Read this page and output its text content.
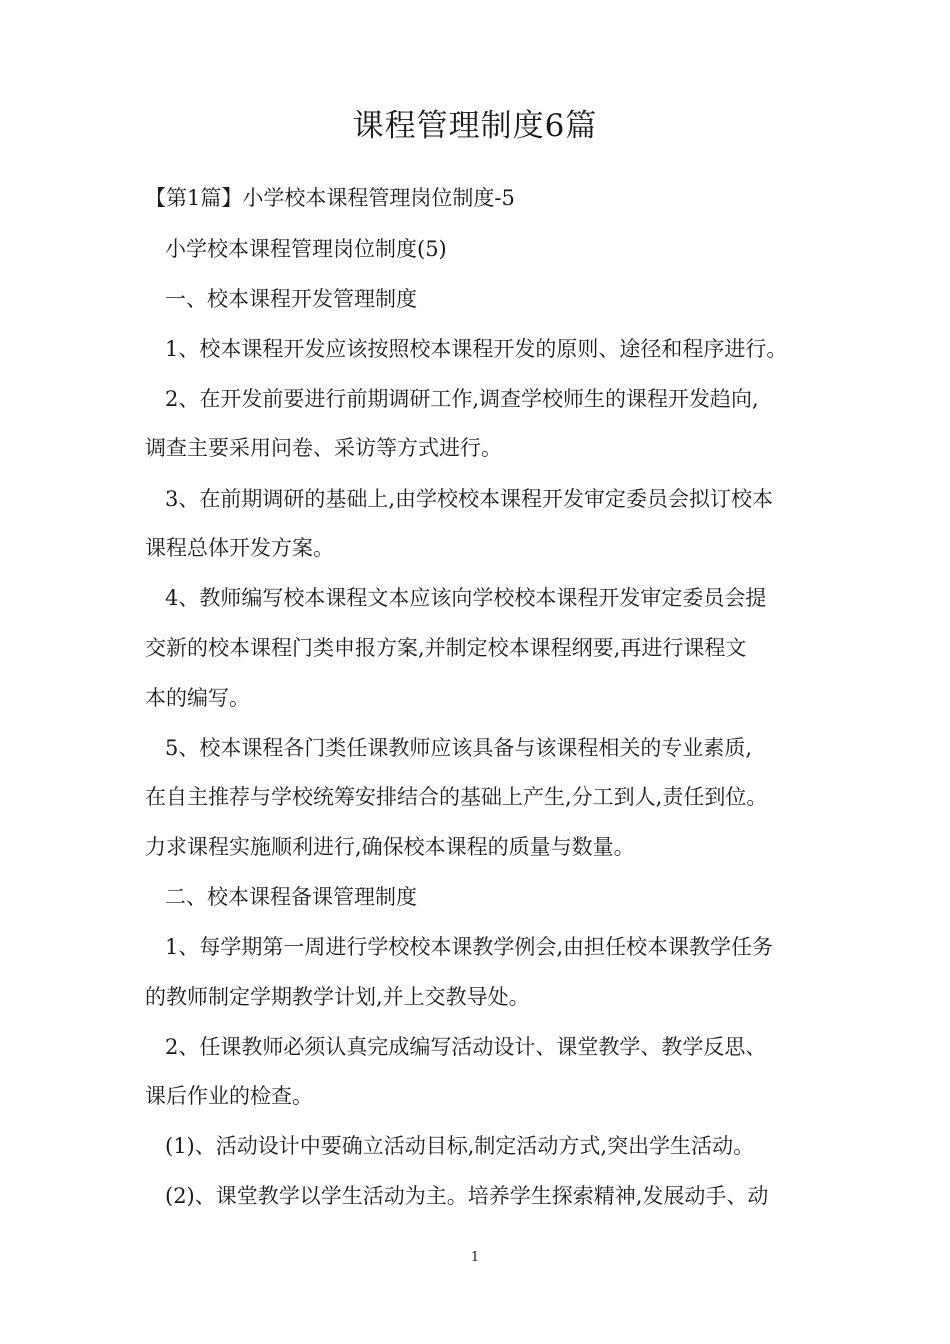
课程管理制度6篇

【第1篇】小学校本课程管理岗位制度-5

小学校本课程管理岗位制度(5)

一、校本课程开发管理制度

1、校本课程开发应该按照校本课程开发的原则、途径和程序进行。

2、在开发前要进行前期调研工作,调查学校师生的课程开发趋向,

调查主要采用问卷、采访等方式进行。

3、在前期调研的基础上,由学校校本课程开发审定委员会拟订校本

课程总体开发方案。

4、教师编写校本课程文本应该向学校校本课程开发审定委员会提

交新的校本课程门类申报方案,并制定校本课程纲要,再进行课程文

本的编写。

5、校本课程各门类任课教师应该具备与该课程相关的专业素质,

在自主推荐与学校统筹安排结合的基础上产生,分工到人,责任到位。

力求课程实施顺利进行,确保校本课程的质量与数量。

二、校本课程备课管理制度

1、每学期第一周进行学校校本课教学例会,由担任校本课教学任务

的教师制定学期教学计划,并上交教导处。

2、任课教师必须认真完成编写活动设计、课堂教学、教学反思、

课后作业的检查。

(1)、活动设计中要确立活动目标,制定活动方式,突出学生活动。

(2)、课堂教学以学生活动为主。培养学生探索精神,发展动手、动

1
